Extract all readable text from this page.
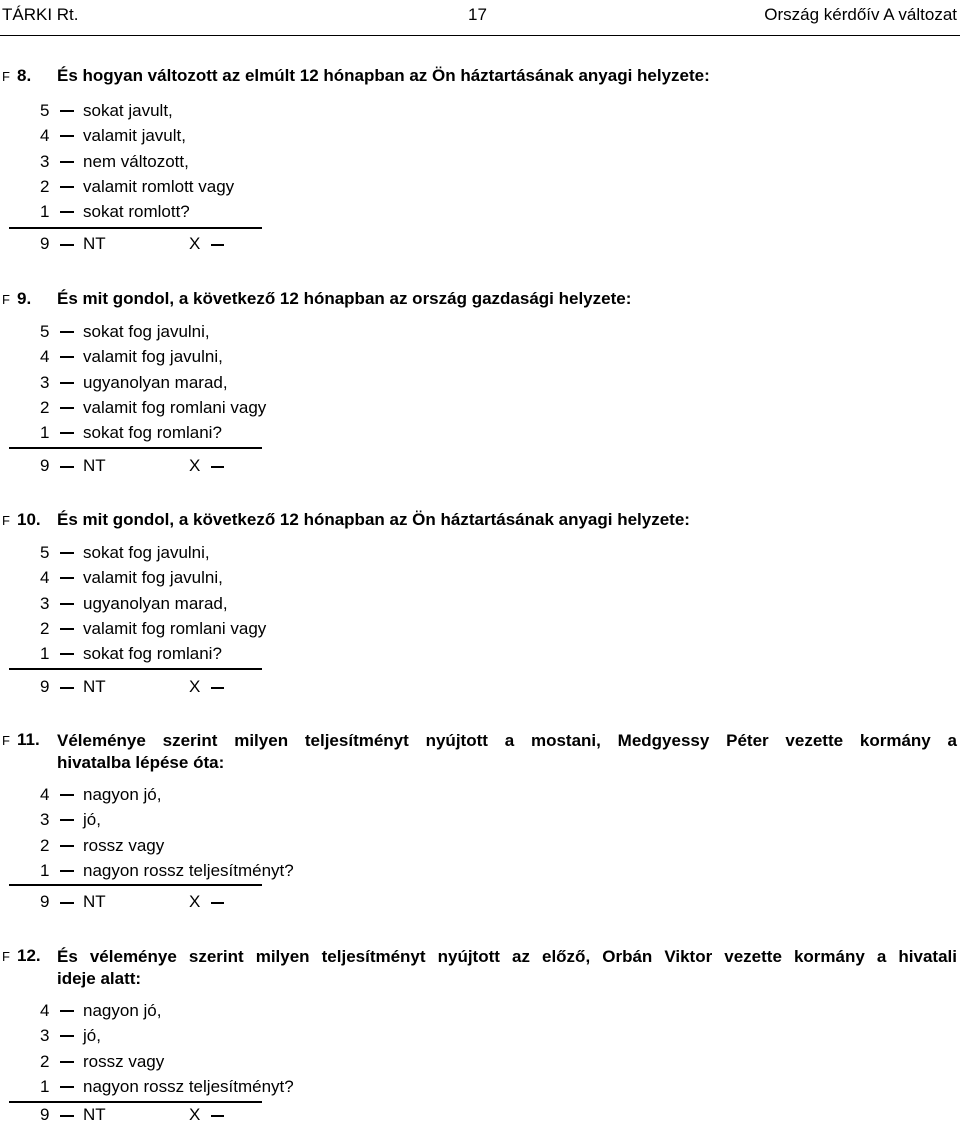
TÁRKI Rt.	17	Ország kérdőív A változat
F 8. És hogyan változott az elmúlt 12 hónapban az Ön háztartásának anyagi helyzete:
5 sokat javult,
4 valamit javult,
3 nem változott,
2 valamit romlott vagy
1 sokat romlott?
9 NT	X
F 9. És mit gondol, a következő 12 hónapban az ország gazdasági helyzete:
5 sokat fog javulni,
4 valamit fog javulni,
3 ugyanolyan marad,
2 valamit fog romlani vagy
1 sokat fog romlani?
9 NT	X
F 10. És mit gondol, a következő 12 hónapban az Ön háztartásának anyagi helyzete:
5 sokat fog javulni,
4 valamit fog javulni,
3 ugyanolyan marad,
2 valamit fog romlani vagy
1 sokat fog romlani?
9 NT	X
F 11. Véleménye szerint milyen teljesítményt nyújtott a mostani, Medgyessy Péter vezette kormány a
hivatalba lépése óta:
4 nagyon jó,
3 jó,
2 rossz vagy
1 nagyon rossz teljesítményt?
9 NT	X
F 12. És véleménye szerint milyen teljesítményt nyújtott az előző, Orbán Viktor vezette kormány a hivatali
ideje alatt:
4 nagyon jó,
3 jó,
2 rossz vagy
1 nagyon rossz teljesítményt?
9 NT	X
